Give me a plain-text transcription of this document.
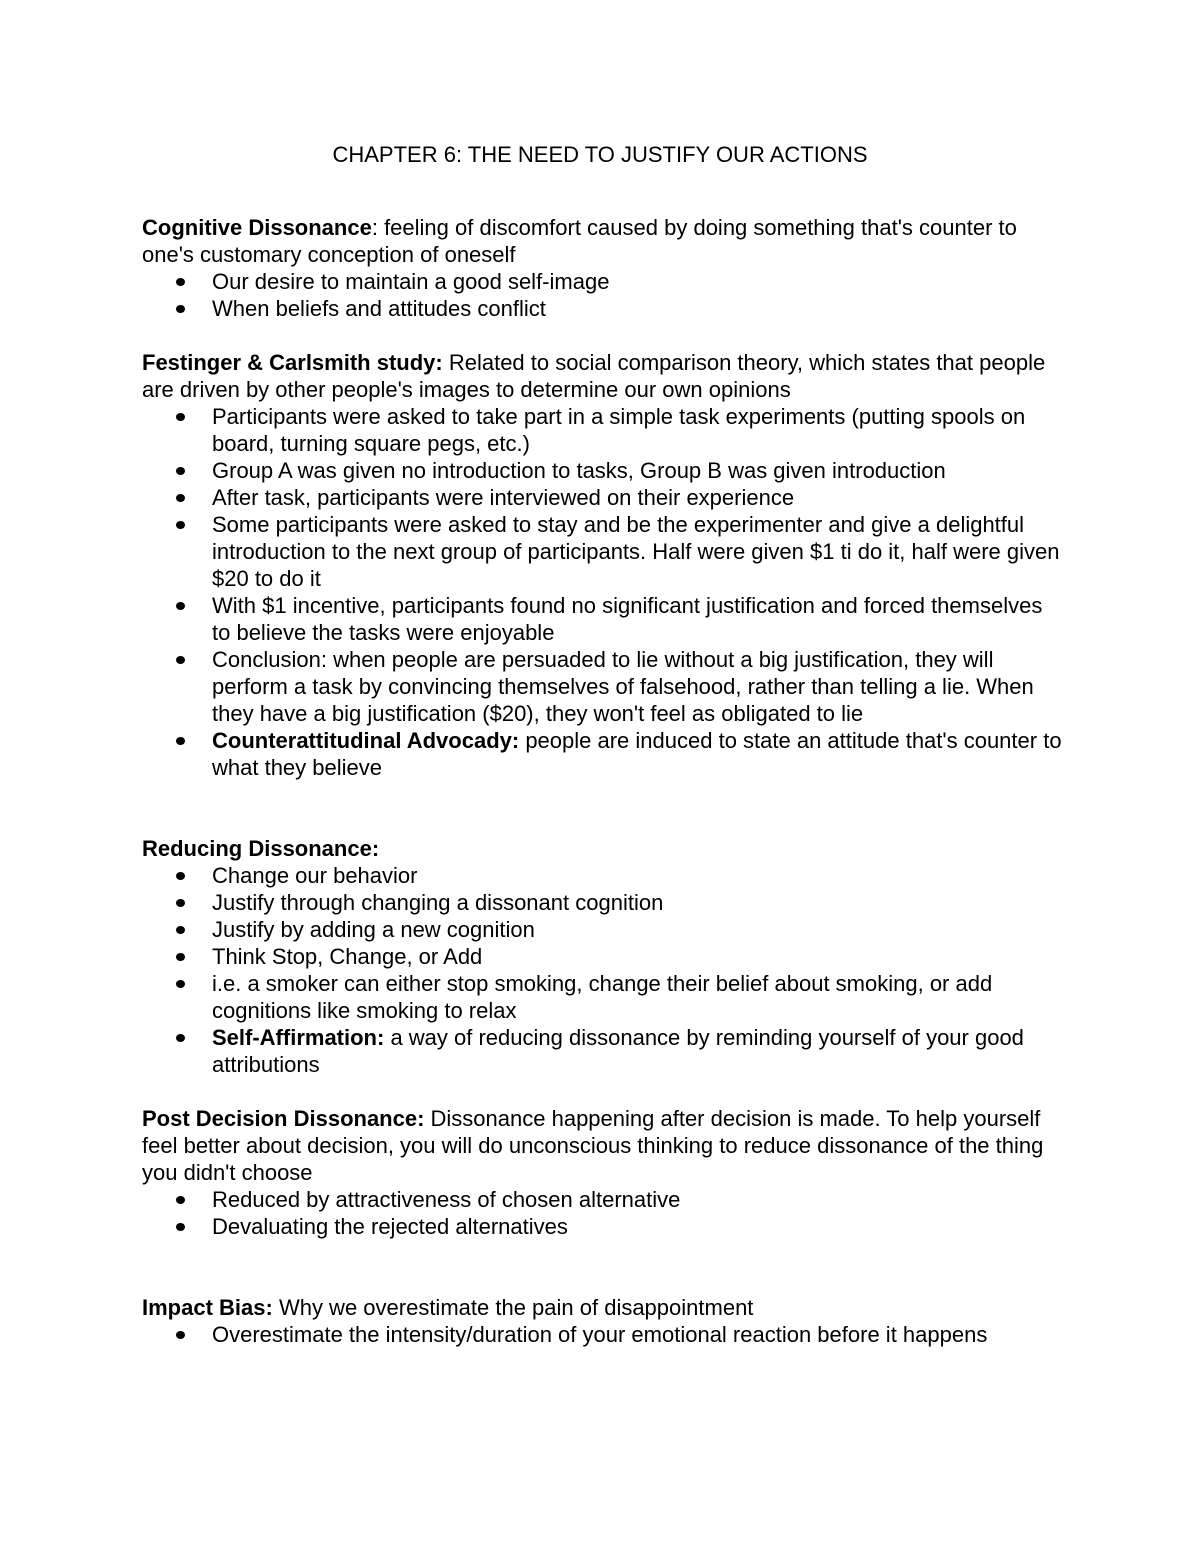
CHAPTER 6: THE NEED TO JUSTIFY OUR ACTIONS

Cognitive Dissonance: feeling of discomfort caused by doing something that's counter to one's customary conception of oneself

Our desire to maintain a good self-image
When beliefs and attitudes conflict

Festinger & Carlsmith study: Related to social comparison theory, which states that people are driven by other people's images to determine our own opinions

Participants were asked to take part in a simple task experiments (putting spools on board, turning square pegs, etc.)
Group A was given no introduction to tasks, Group B was given introduction
After task, participants were interviewed on their experience
Some participants were asked to stay and be the experimenter and give a delightful introduction to the next group of participants. Half were given $1 ti do it, half were given $20 to do it
With $1 incentive, participants found no significant justification and forced themselves to believe the tasks were enjoyable
Conclusion: when people are persuaded to lie without a big justification, they will perform a task by convincing themselves of falsehood, rather than telling a lie. When they have a big justification ($20), they won't feel as obligated to lie
Counterattitudinal Advocady: people are induced to state an attitude that's counter to what they believe

Reducing Dissonance:

Change our behavior
Justify through changing a dissonant cognition
Justify by adding a new cognition
Think Stop, Change, or Add
i.e. a smoker can either stop smoking, change their belief about smoking, or add cognitions like smoking to relax
Self-Affirmation: a way of reducing dissonance by reminding yourself of your good attributions

Post Decision Dissonance: Dissonance happening after decision is made. To help yourself feel better about decision, you will do unconscious thinking to reduce dissonance of the thing you didn't choose

Reduced by attractiveness of chosen alternative
Devaluating the rejected alternatives

Impact Bias: Why we overestimate the pain of disappointment

Overestimate the intensity/duration of your emotional reaction before it happens
